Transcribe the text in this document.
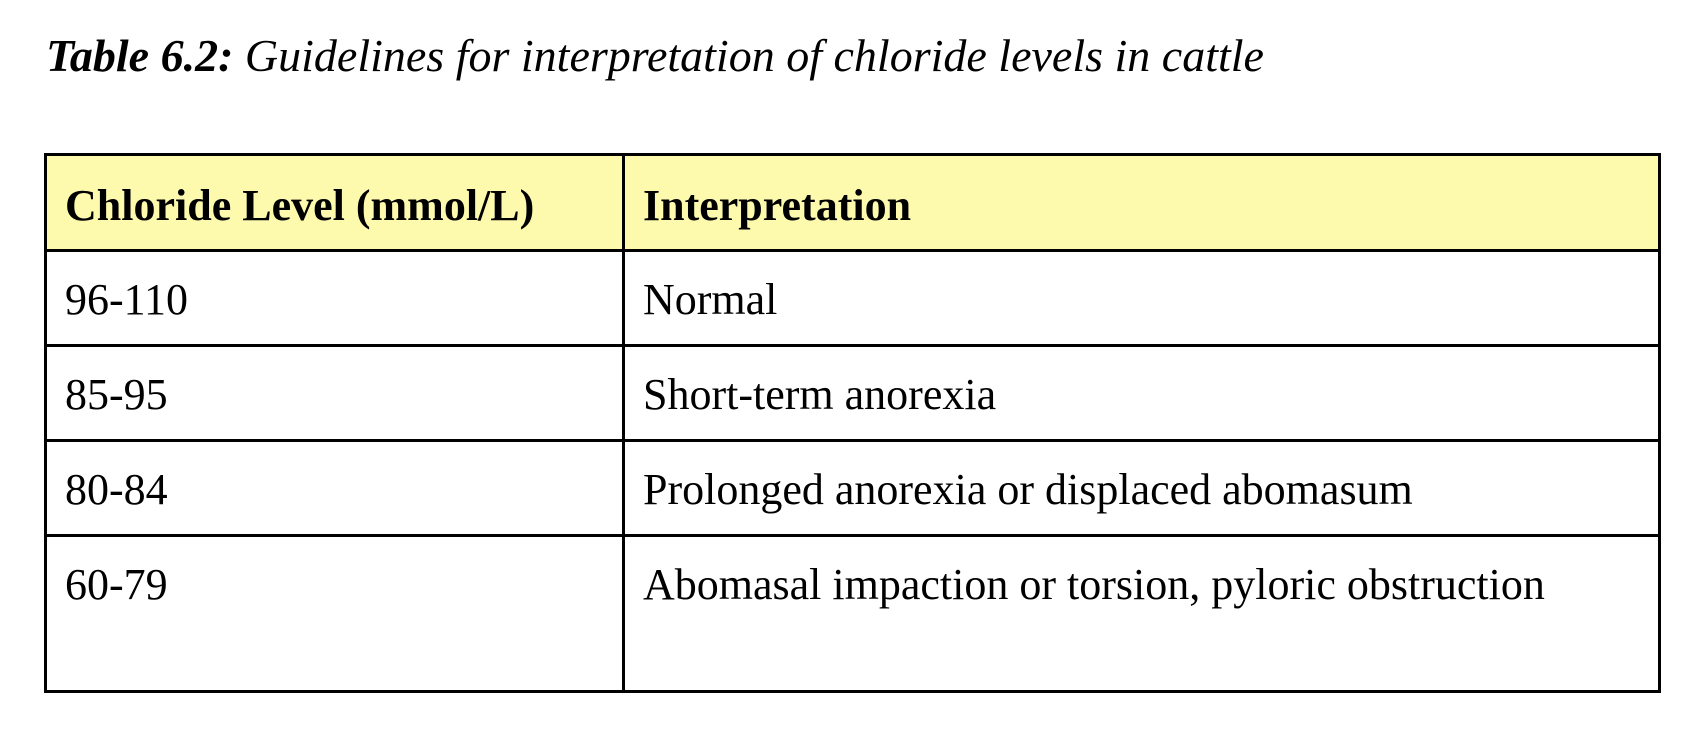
Table 6.2: Guidelines for interpretation of chloride levels in cattle

Chloride Level (mmol/L)	Interpretation
96-110	Normal
85-95	Short-term anorexia
80-84	Prolonged anorexia or displaced abomasum
60-79	Abomasal impaction or torsion, pyloric obstruction
